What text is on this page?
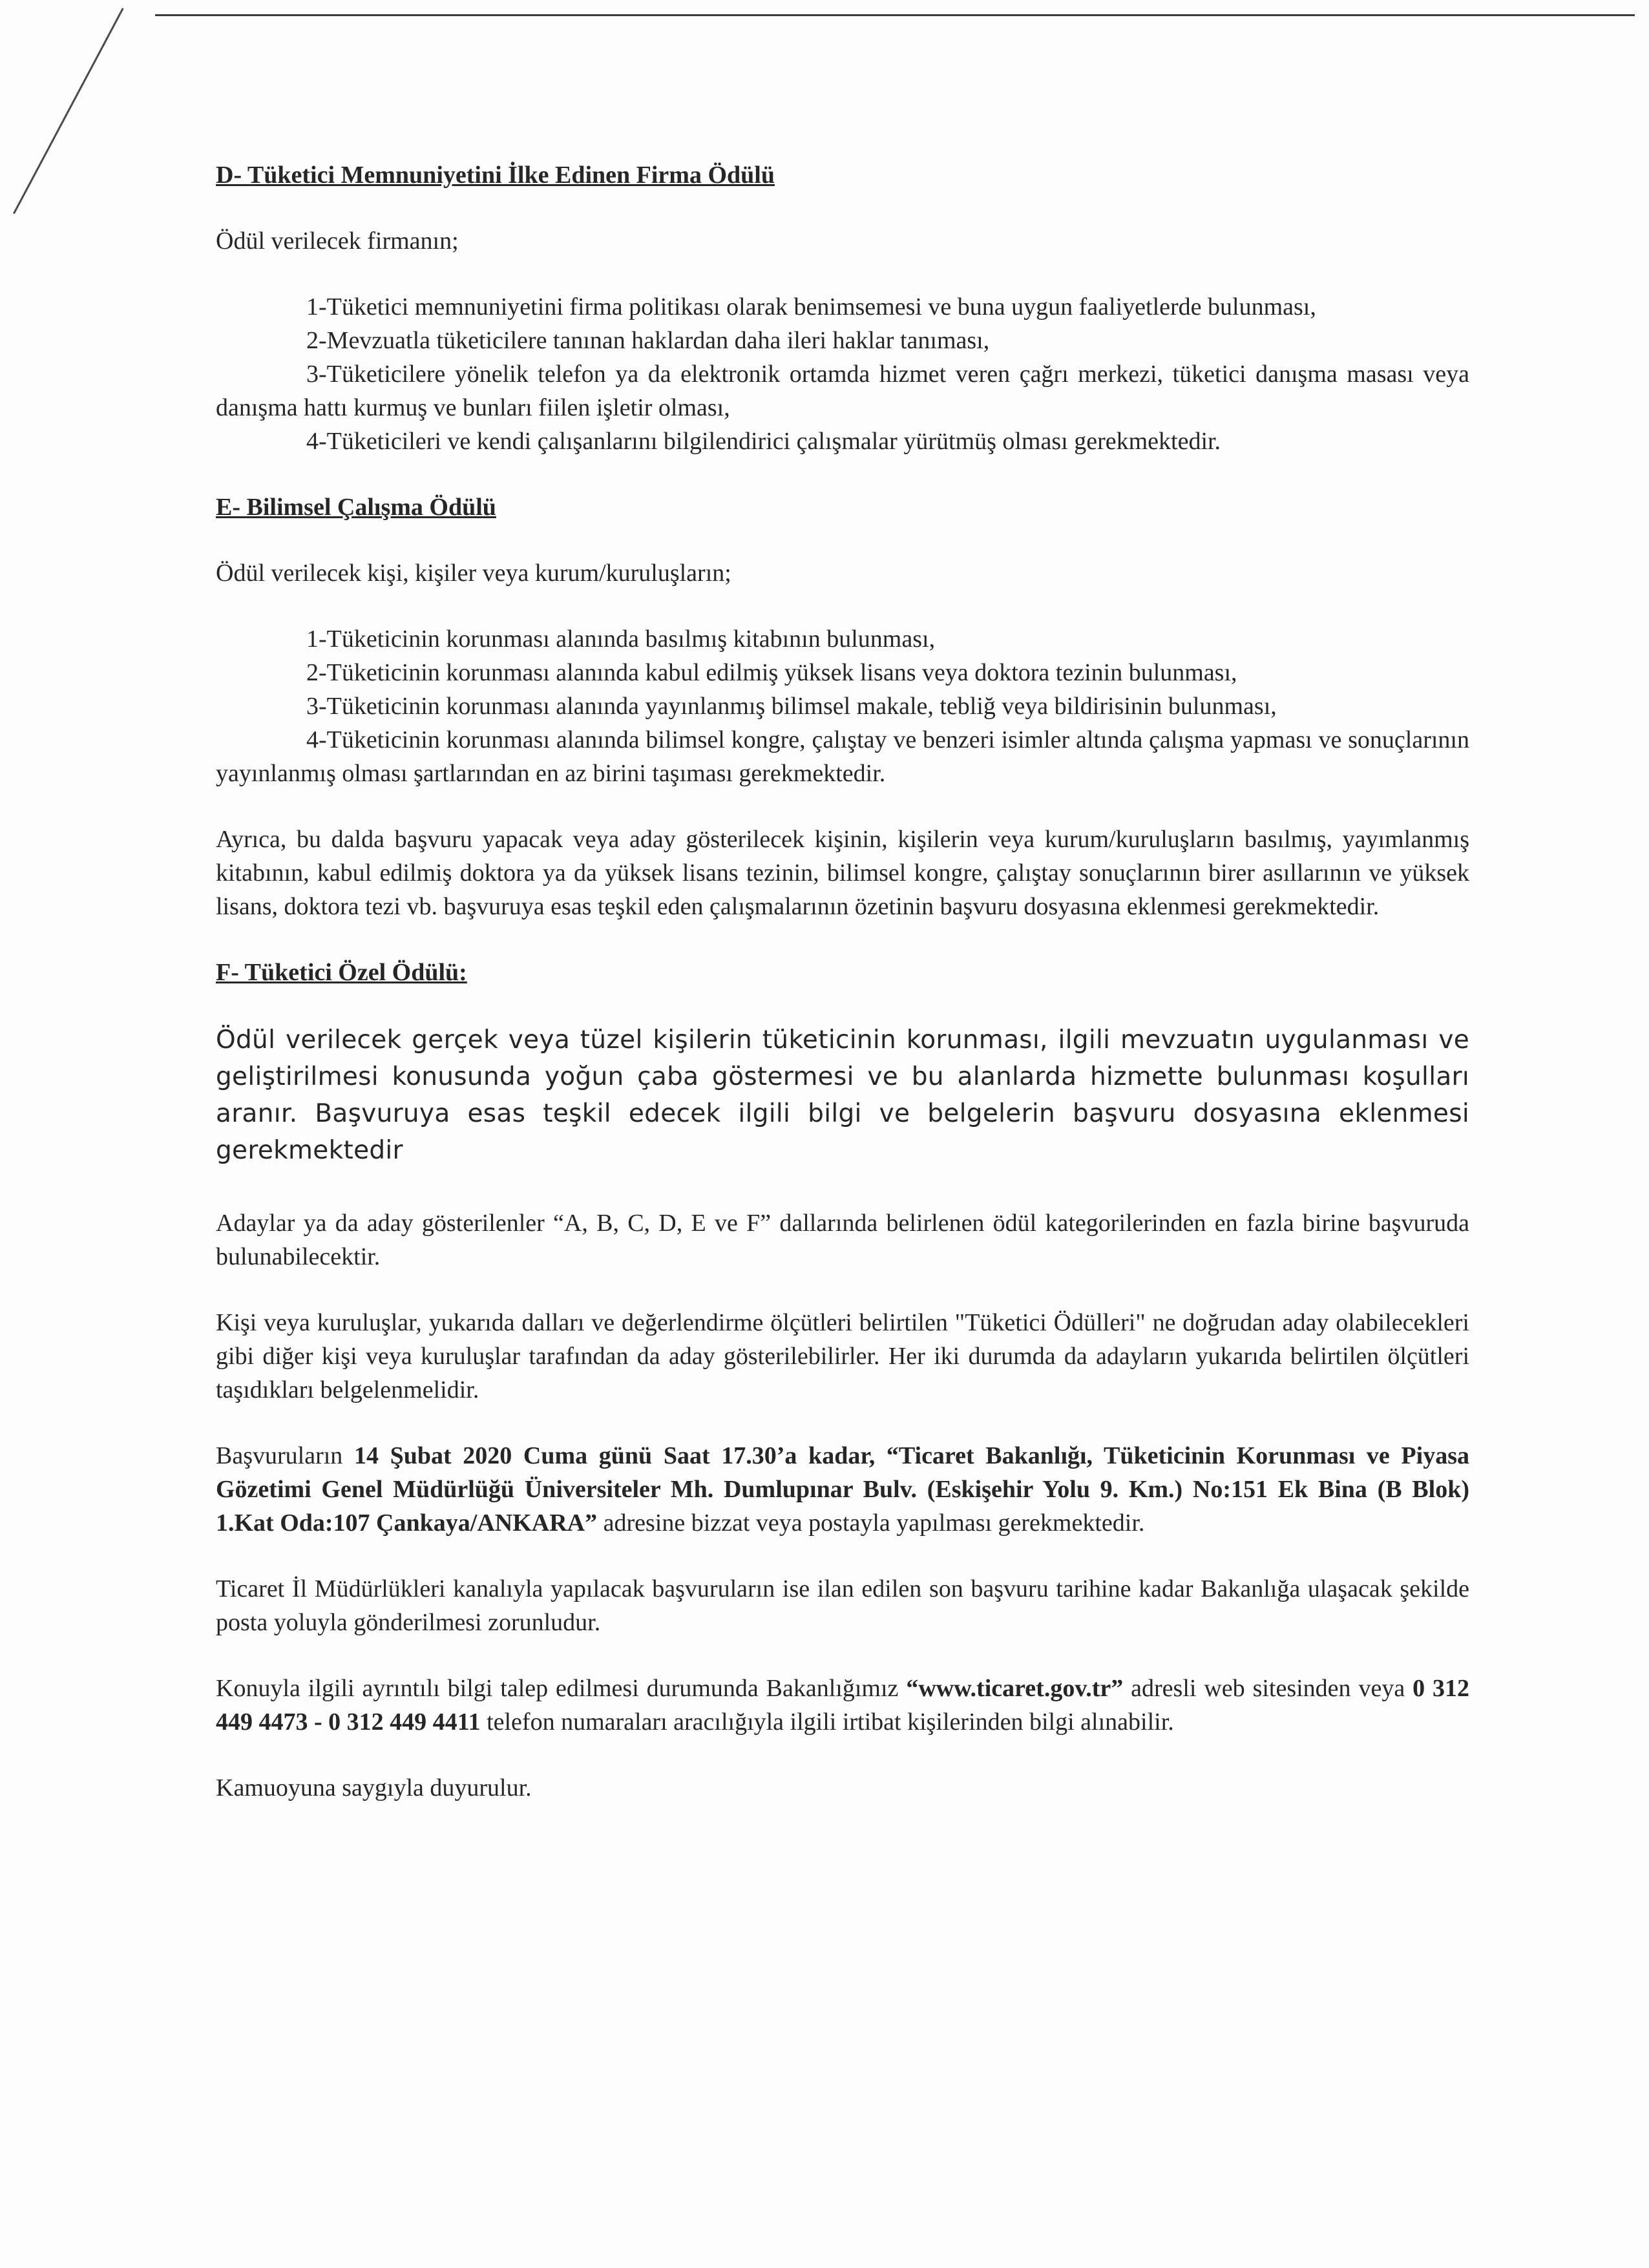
D- Tüketici Memnuniyetini İlke Edinen Firma Ödülü

Ödül verilecek firmanın;

1-Tüketici memnuniyetini firma politikası olarak benimsemesi ve buna uygun faaliyetlerde bulunması,

2-Mevzuatla tüketicilere tanınan haklardan daha ileri haklar tanıması,

3-Tüketicilere yönelik telefon ya da elektronik ortamda hizmet veren çağrı merkezi, tüketici danışma masası veya danışma hattı kurmuş ve bunları fiilen işletir olması,

4-Tüketicileri ve kendi çalışanlarını bilgilendirici çalışmalar yürütmüş olması gerekmektedir.

E- Bilimsel Çalışma Ödülü

Ödül verilecek kişi, kişiler veya kurum/kuruluşların;

1-Tüketicinin korunması alanında basılmış kitabının bulunması,

2-Tüketicinin korunması alanında kabul edilmiş yüksek lisans veya doktora tezinin bulunması,

3-Tüketicinin korunması alanında yayınlanmış bilimsel makale, tebliğ veya bildirisinin bulunması,

4-Tüketicinin korunması alanında bilimsel kongre, çalıştay ve benzeri isimler altında çalışma yapması ve sonuçlarının yayınlanmış olması şartlarından en az birini taşıması gerekmektedir.

Ayrıca, bu dalda başvuru yapacak veya aday gösterilecek kişinin, kişilerin veya kurum/kuruluşların basılmış, yayımlanmış kitabının, kabul edilmiş doktora ya da yüksek lisans tezinin, bilimsel kongre, çalıştay sonuçlarının birer asıllarının ve yüksek lisans, doktora tezi vb. başvuruya esas teşkil eden çalışmalarının özetinin başvuru dosyasına eklenmesi gerekmektedir.

F- Tüketici Özel Ödülü:

Ödül verilecek gerçek veya tüzel kişilerin tüketicinin korunması, ilgili mevzuatın uygulanması ve geliştirilmesi konusunda yoğun çaba göstermesi ve bu alanlarda hizmette bulunması koşulları aranır. Başvuruya esas teşkil edecek ilgili bilgi ve belgelerin başvuru dosyasına eklenmesi gerekmektedir

Adaylar ya da aday gösterilenler “A, B, C, D, E ve F” dallarında belirlenen ödül kategorilerinden en fazla birine başvuruda bulunabilecektir.

Kişi veya kuruluşlar, yukarıda dalları ve değerlendirme ölçütleri belirtilen "Tüketici Ödülleri" ne doğrudan aday olabilecekleri gibi diğer kişi veya kuruluşlar tarafından da aday gösterilebilirler. Her iki durumda da adayların yukarıda belirtilen ölçütleri taşıdıkları belgelenmelidir.

Başvuruların 14 Şubat 2020 Cuma günü Saat 17.30’a kadar, “Ticaret Bakanlığı, Tüketicinin Korunması ve Piyasa Gözetimi Genel Müdürlüğü Üniversiteler Mh. Dumlupınar Bulv. (Eskişehir Yolu 9. Km.) No:151 Ek Bina (B Blok) 1.Kat Oda:107 Çankaya/ANKARA” adresine bizzat veya postayla yapılması gerekmektedir.

Ticaret İl Müdürlükleri kanalıyla yapılacak başvuruların ise ilan edilen son başvuru tarihine kadar Bakanlığa ulaşacak şekilde posta yoluyla gönderilmesi zorunludur.

Konuyla ilgili ayrıntılı bilgi talep edilmesi durumunda Bakanlığımız “www.ticaret.gov.tr” adresli web sitesinden veya 0 312 449 4473 - 0 312 449 4411 telefon numaraları aracılığıyla ilgili irtibat kişilerinden bilgi alınabilir.

Kamuoyuna saygıyla duyurulur.
